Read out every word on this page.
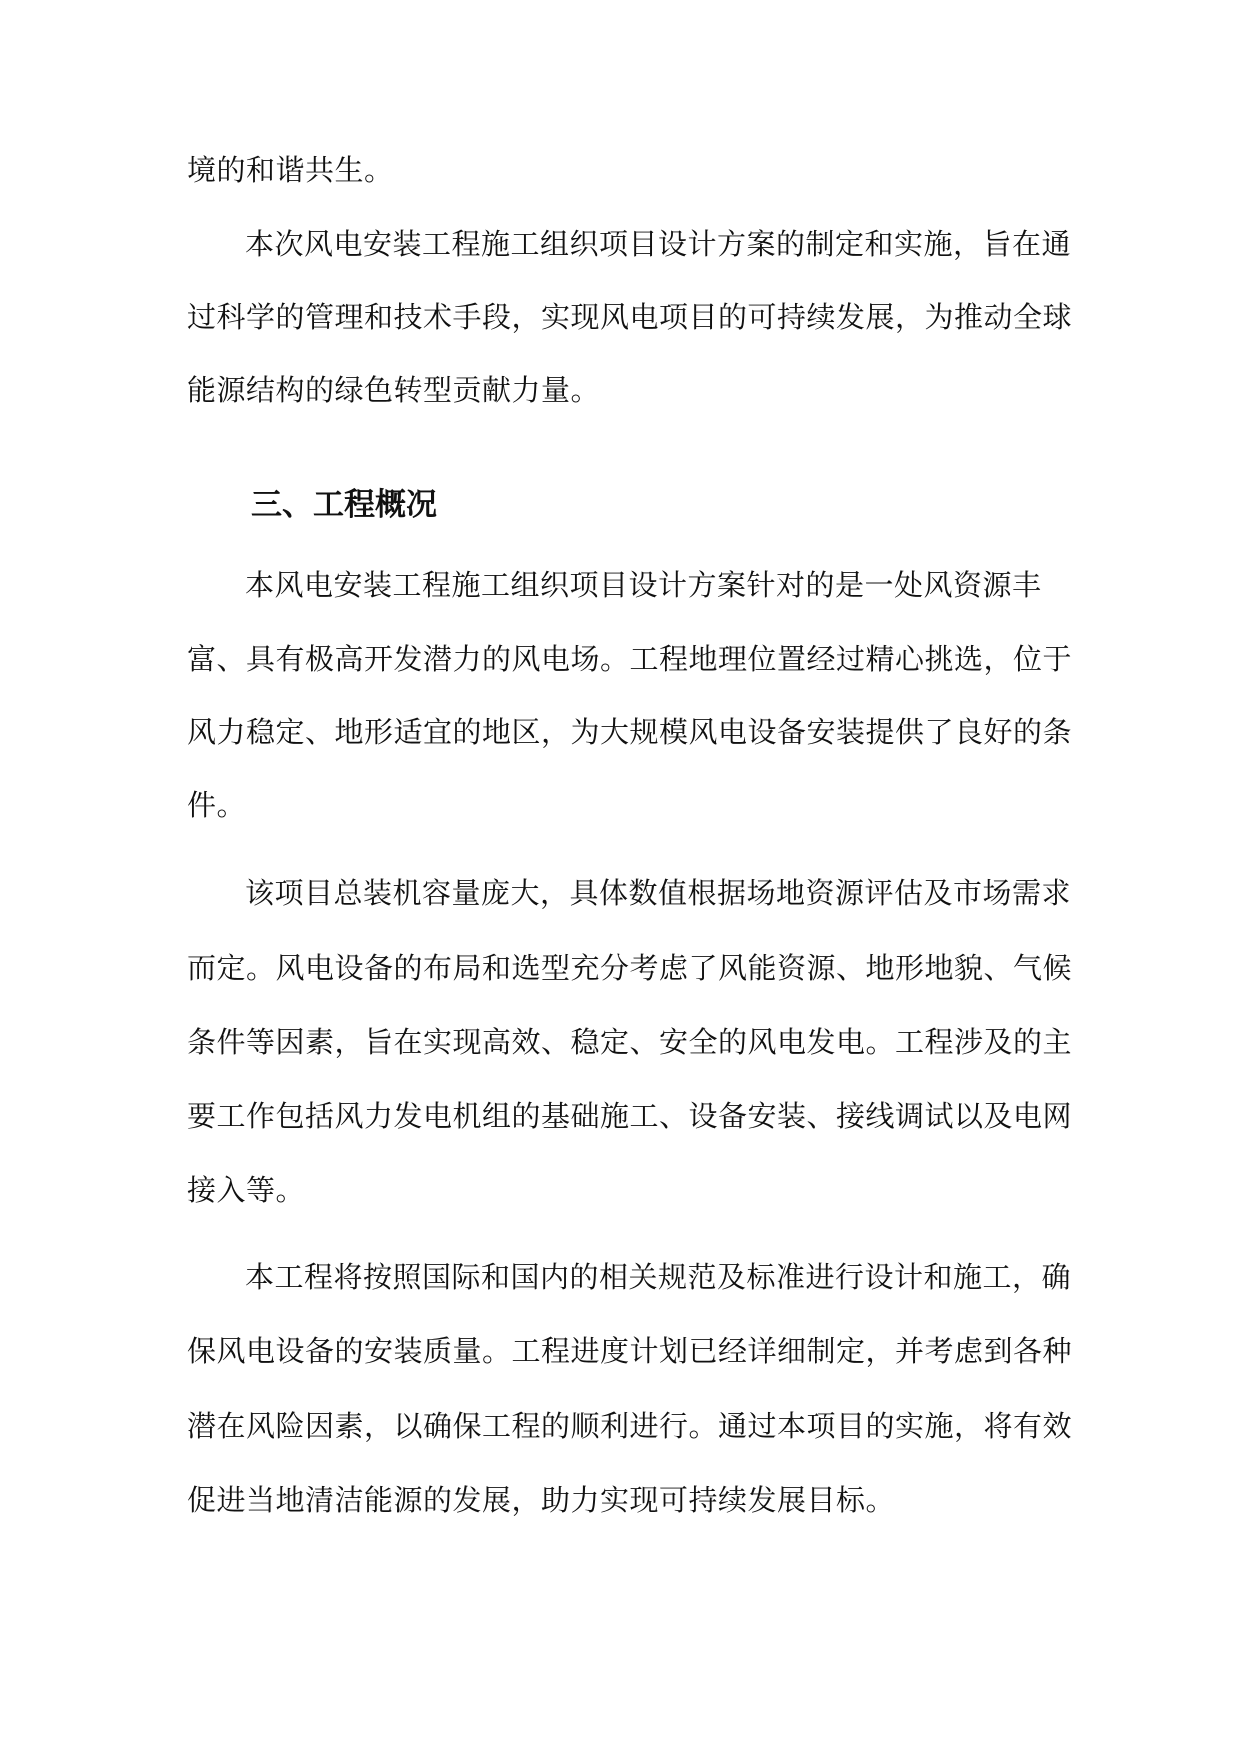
境的和谐共生。
本次风电安装工程施工组织项目设计方案的制定和实施，旨在通
过科学的管理和技术手段，实现风电项目的可持续发展，为推动全球
能源结构的绿色转型贡献力量。
三、工程概况
本风电安装工程施工组织项目设计方案针对的是一处风资源丰
富、具有极高开发潜力的风电场。工程地理位置经过精心挑选，位于
风力稳定、地形适宜的地区，为大规模风电设备安装提供了良好的条
件。
该项目总装机容量庞大，具体数值根据场地资源评估及市场需求
而定。风电设备的布局和选型充分考虑了风能资源、地形地貌、气候
条件等因素，旨在实现高效、稳定、安全的风电发电。工程涉及的主
要工作包括风力发电机组的基础施工、设备安装、接线调试以及电网
接入等。
本工程将按照国际和国内的相关规范及标准进行设计和施工，确
保风电设备的安装质量。工程进度计划已经详细制定，并考虑到各种
潜在风险因素，以确保工程的顺利进行。通过本项目的实施，将有效
促进当地清洁能源的发展，助力实现可持续发展目标。
